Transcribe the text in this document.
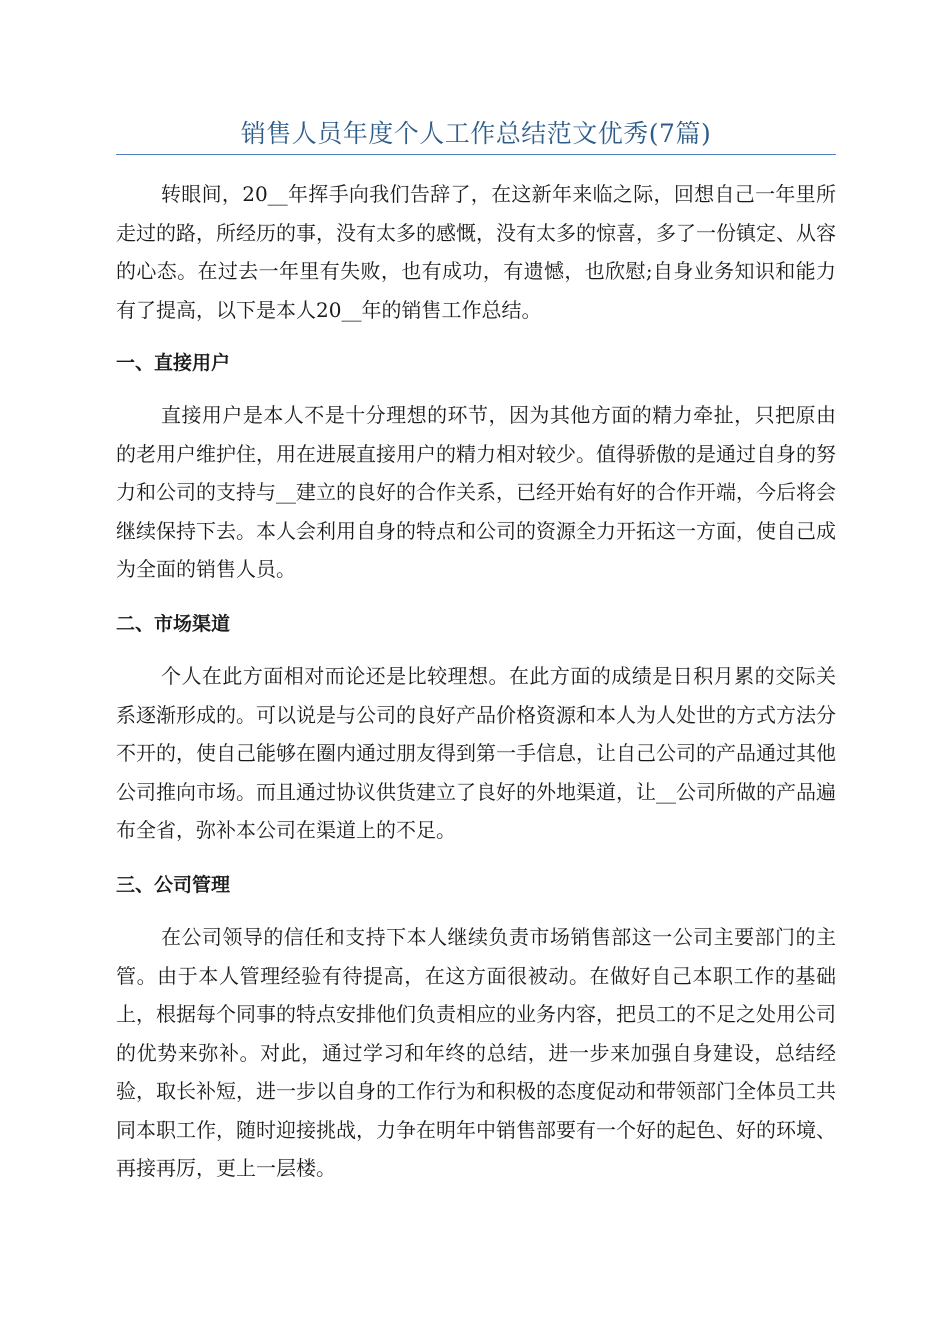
销售人员年度个人工作总结范文优秀(7篇)

转眼间，20__年挥手向我们告辞了，在这新年来临之际，回想自己一年里所走过的路，所经历的事，没有太多的感慨，没有太多的惊喜，多了一份镇定、从容的心态。在过去一年里有失败，也有成功，有遗憾，也欣慰;自身业务知识和能力有了提高，以下是本人20__年的销售工作总结。

一、直接用户

直接用户是本人不是十分理想的环节，因为其他方面的精力牵扯，只把原由的老用户维护住，用在进展直接用户的精力相对较少。值得骄傲的是通过自身的努力和公司的支持与__建立的良好的合作关系，已经开始有好的合作开端，今后将会继续保持下去。本人会利用自身的特点和公司的资源全力开拓这一方面，使自己成为全面的销售人员。

二、市场渠道

个人在此方面相对而论还是比较理想。在此方面的成绩是日积月累的交际关系逐渐形成的。可以说是与公司的良好产品价格资源和本人为人处世的方式方法分不开的，使自己能够在圈内通过朋友得到第一手信息，让自己公司的产品通过其他公司推向市场。而且通过协议供货建立了良好的外地渠道，让__公司所做的产品遍布全省，弥补本公司在渠道上的不足。

三、公司管理

在公司领导的信任和支持下本人继续负责市场销售部这一公司主要部门的主管。由于本人管理经验有待提高，在这方面很被动。在做好自己本职工作的基础上，根据每个同事的特点安排他们负责相应的业务内容，把员工的不足之处用公司的优势来弥补。对此，通过学习和年终的总结，进一步来加强自身建设，总结经验，取长补短，进一步以自身的工作行为和积极的态度促动和带领部门全体员工共同本职工作，随时迎接挑战，力争在明年中销售部要有一个好的起色、好的环境、再接再厉，更上一层楼。
